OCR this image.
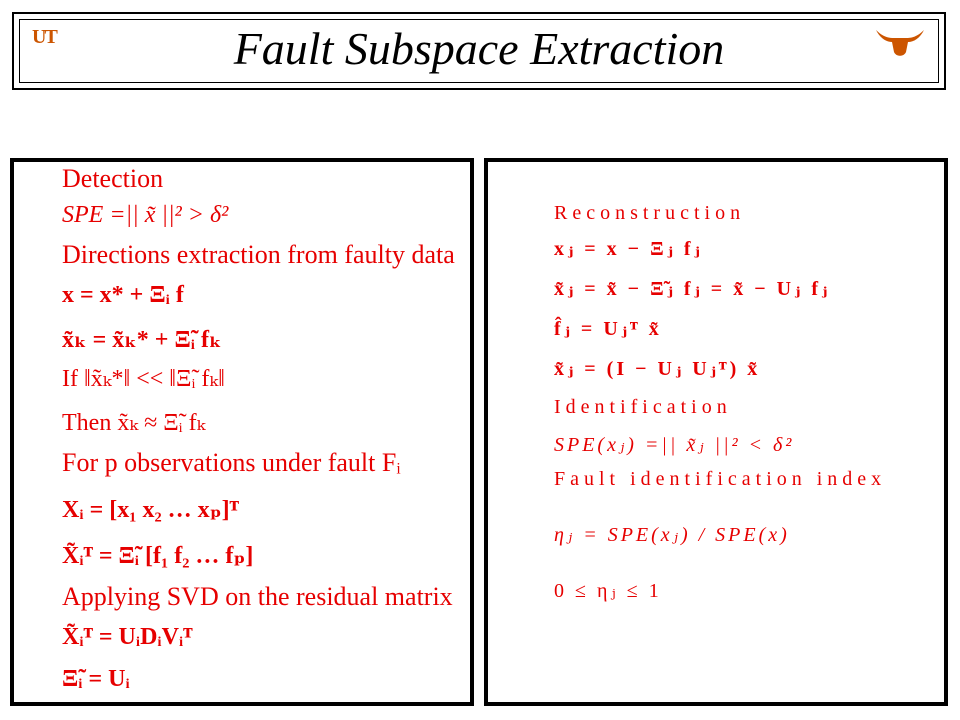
UT	Fault Subspace Extraction
Detection
SPE =|| x̃ ||² > δ²
Directions extraction from faulty data
x = x* + Ξᵢ f
x̃ₖ = x̃ₖ* + Ξ̃ᵢ fₖ
If ‖x̃ₖ*‖ << ‖Ξ̃ᵢ fₖ‖
Then x̃ₖ ≈ Ξ̃ᵢ fₖ
For p observations under fault Fᵢ
Xᵢ = [x₁ x₂ … xₚ]ᵀ
X̃ᵢᵀ = Ξ̃ᵢ [f₁ f₂ … fₚ]
Applying SVD on the residual matrix
X̃ᵢᵀ = UᵢDᵢVᵢᵀ
Ξ̃ᵢ = Uᵢ
Reconstruction
xⱼ = x − Ξⱼ fⱼ
x̃ⱼ = x̃ − Ξ̃ⱼ fⱼ = x̃ − Uⱼ fⱼ
f̂ⱼ = Uⱼᵀ x̃
x̃ⱼ = (I − Uⱼ Uⱼᵀ) x̃
Identification
SPE(xⱼ) =|| x̃ⱼ ||² < δ²
Fault identification index
ηⱼ = SPE(xⱼ) / SPE(x)
0 ≤ ηⱼ ≤ 1
